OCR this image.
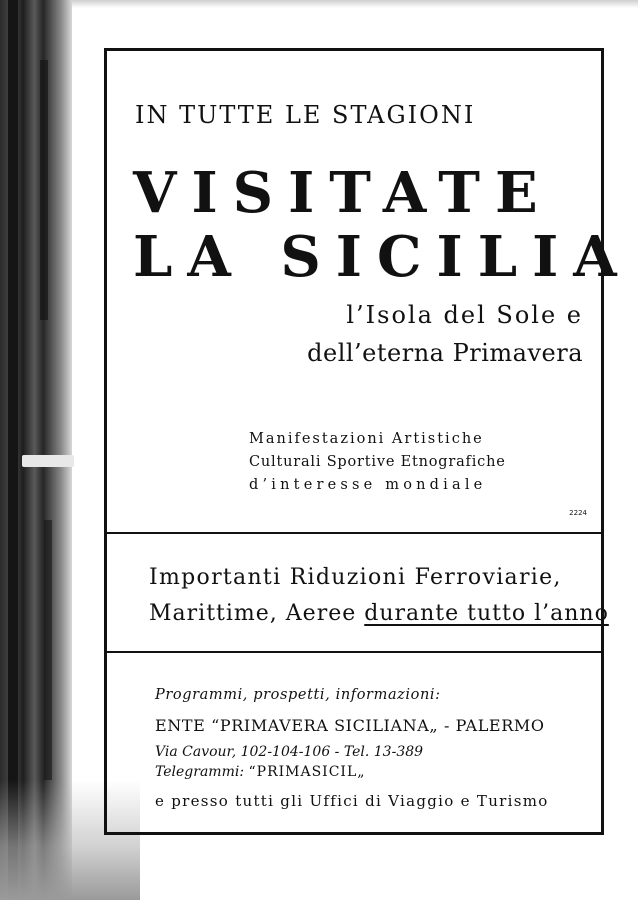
IN TUTTE LE STAGIONI

VISITATE

LA SICILIA

l’Isola del Sole e

dell’eterna Primavera

Manifestazioni Artistiche

Culturali Sportive Etnografiche

d’interesse mondiale

2224

Importanti Riduzioni Ferroviarie,

Marittime, Aeree durante tutto l’anno

Programmi, prospetti, informazioni:

ENTE “PRIMAVERA SICILIANA„ - PALERMO

Via Cavour, 102-104-106 - Tel. 13-389

Telegrammi: “PRIMASICIL„

e presso tutti gli Uffici di Viaggio e Turismo
